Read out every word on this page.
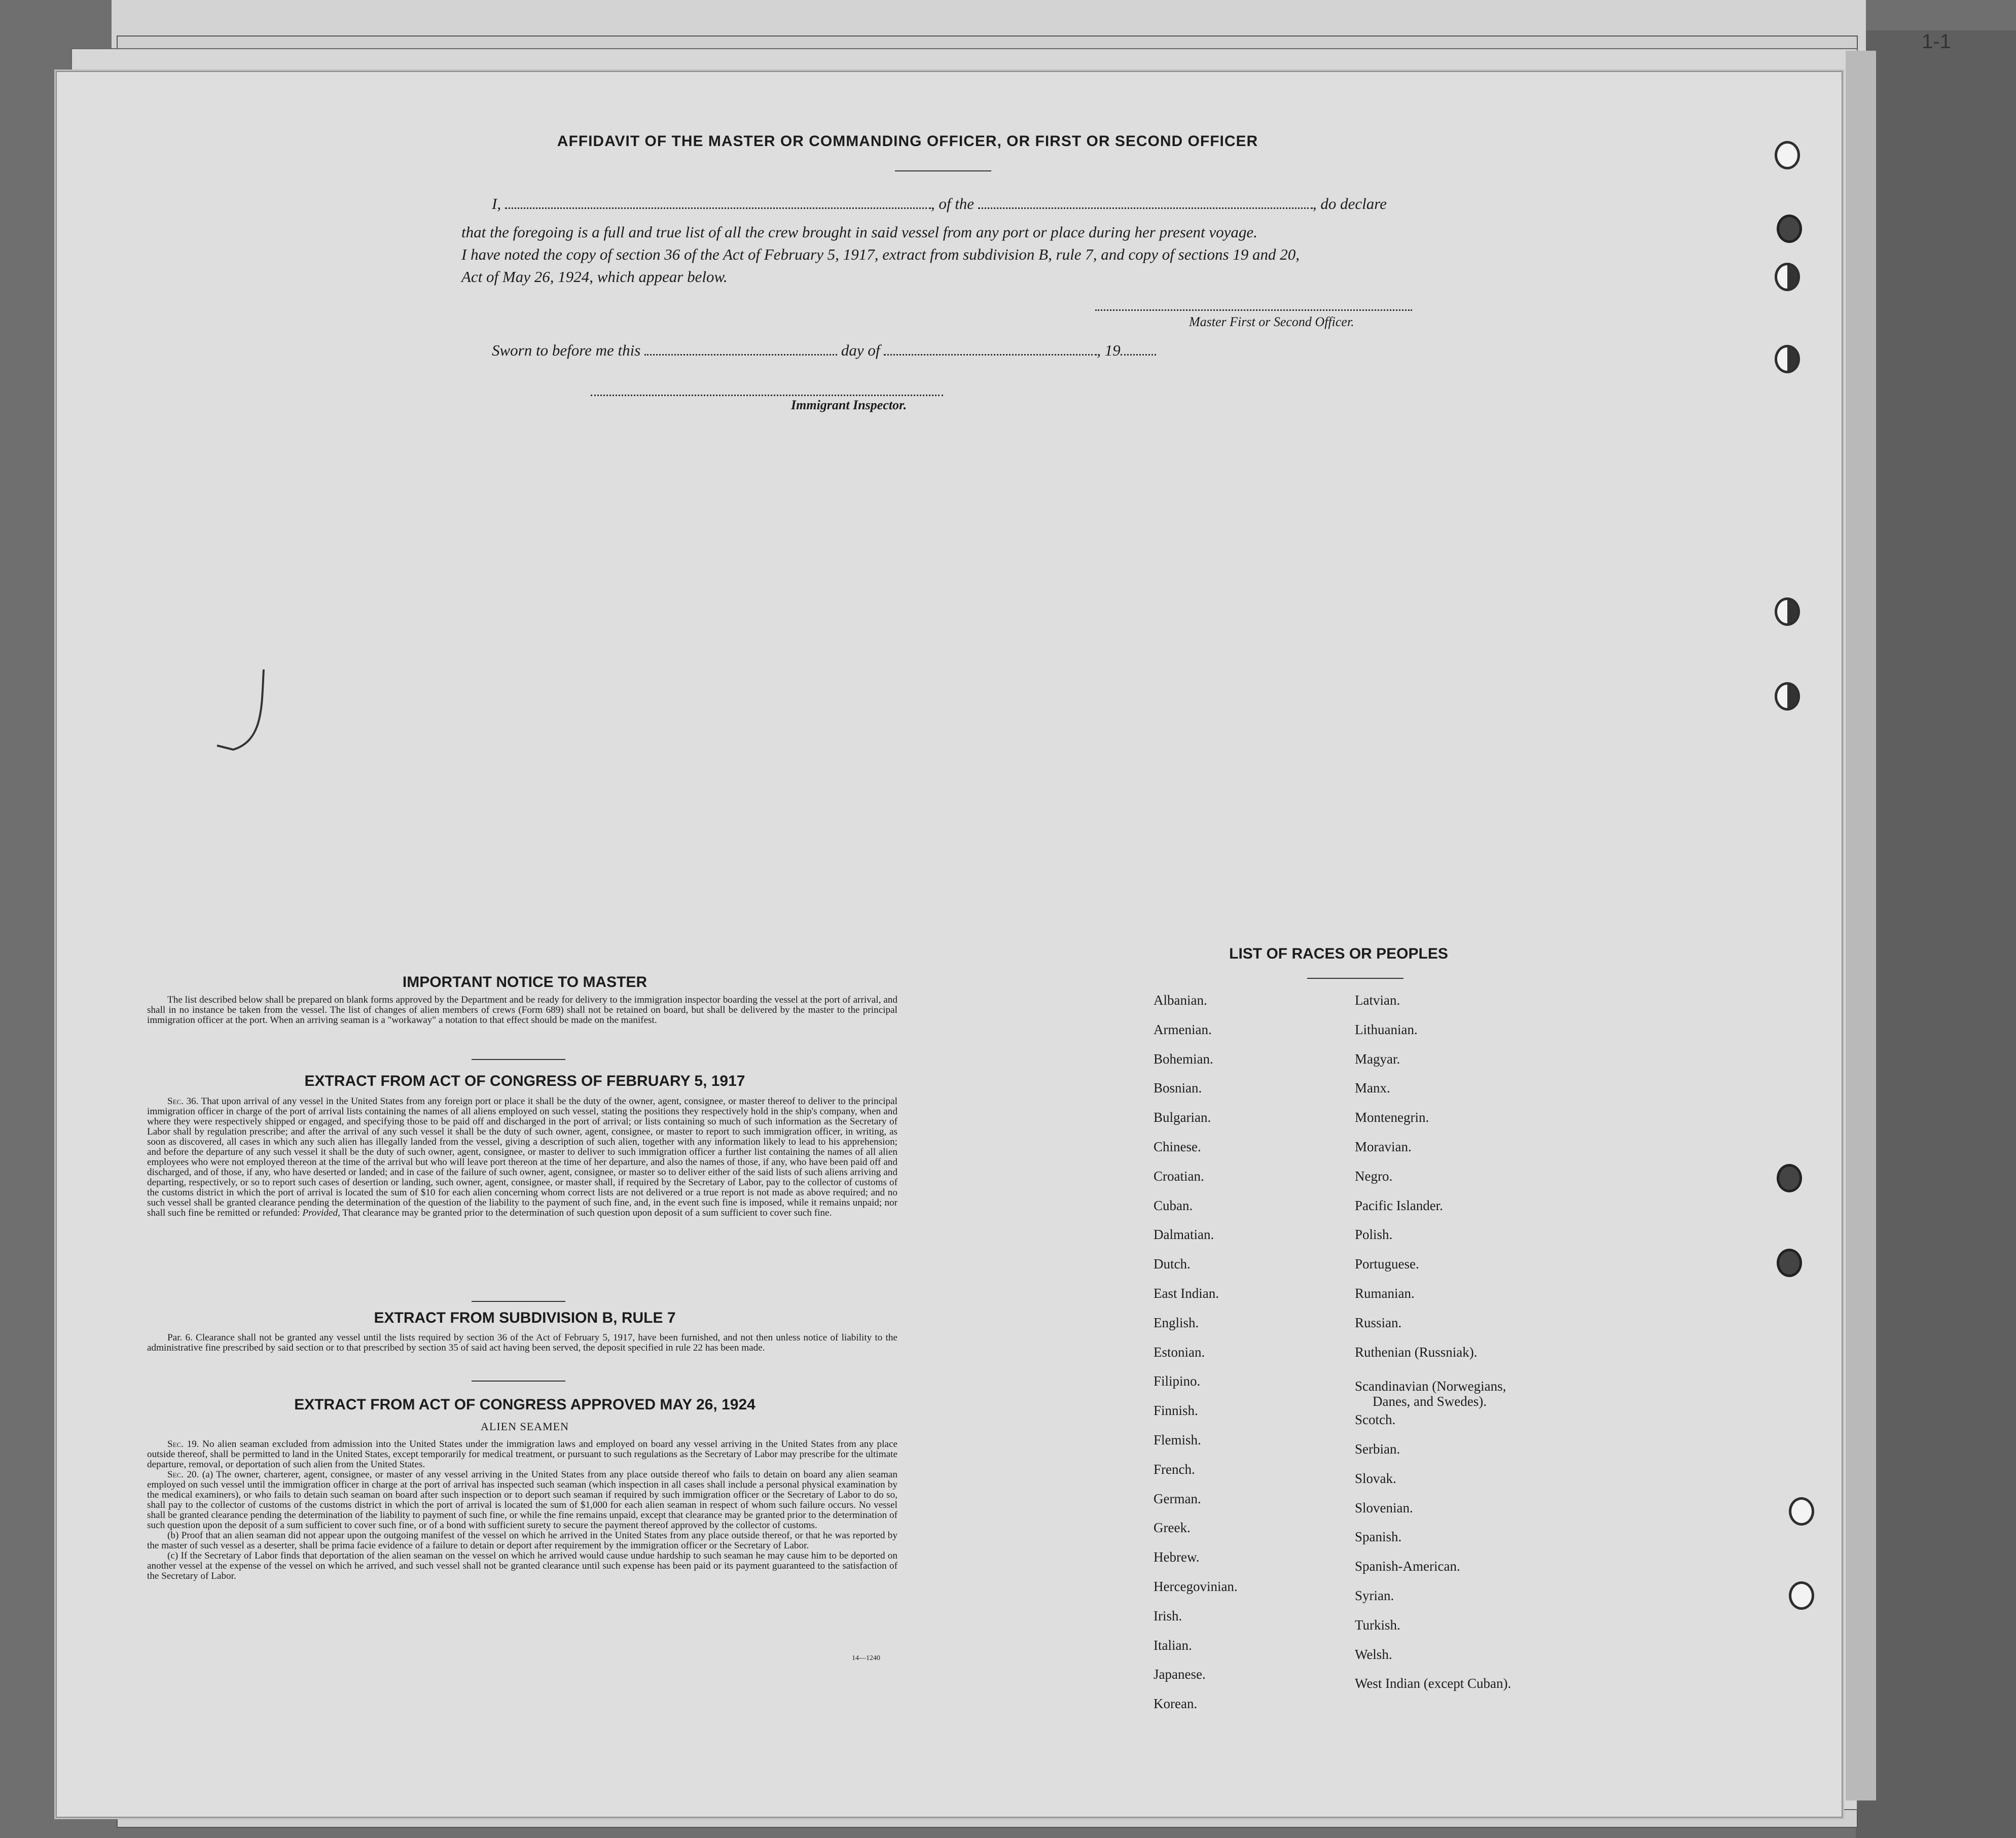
1-1
AFFIDAVIT OF THE MASTER OR COMMANDING OFFICER, OR FIRST OR SECOND OFFICER
I,	, of the	, do declare
that the foregoing is a full and true list of all the crew brought in said vessel from any port or place during her present voyage.
I have noted the copy of section 36 of the Act of February 5, 1917, extract from subdivision B, rule 7, and copy of sections 19 and 20,
Act of May 26, 1924, which appear below.
Master First or Second Officer.
Sworn to before me this	day of	, 19
Immigrant Inspector.
IMPORTANT NOTICE TO MASTER

The list described below shall be prepared on blank forms approved by the Department and be ready for delivery to the immigration inspector boarding the vessel at the port of arrival, and shall in no instance be taken from the vessel. The list of changes of alien members of crews (Form 689) shall not be retained on board, but shall be delivered by the master to the principal immigration officer at the port. When an arriving seaman is a "workaway" a notation to that effect should be made on the manifest.

EXTRACT FROM ACT OF CONGRESS OF FEBRUARY 5, 1917

Sec. 36. That upon arrival of any vessel in the United States from any foreign port or place it shall be the duty of the owner, agent, consignee, or master thereof to deliver to the principal immigration officer in charge of the port of arrival lists containing the names of all aliens employed on such vessel, stating the positions they respectively hold in the ship's company, when and where they were respectively shipped or engaged, and specifying those to be paid off and discharged in the port of arrival; or lists containing so much of such information as the Secretary of Labor shall by regulation prescribe; and after the arrival of any such vessel it shall be the duty of such owner, agent, consignee, or master to report to such immigration officer, in writing, as soon as discovered, all cases in which any such alien has illegally landed from the vessel, giving a description of such alien, together with any information likely to lead to his apprehension; and before the departure of any such vessel it shall be the duty of such owner, agent, consignee, or master to deliver to such immigration officer a further list containing the names of all alien employees who were not employed thereon at the time of the arrival but who will leave port thereon at the time of her departure, and also the names of those, if any, who have been paid off and discharged, and of those, if any, who have deserted or landed; and in case of the failure of such owner, agent, consignee, or master so to deliver either of the said lists of such aliens arriving and departing, respectively, or so to report such cases of desertion or landing, such owner, agent, consignee, or master shall, if required by the Secretary of Labor, pay to the collector of customs of the customs district in which the port of arrival is located the sum of $10 for each alien concerning whom correct lists are not delivered or a true report is not made as above required; and no such vessel shall be granted clearance pending the determination of the question of the liability to the payment of such fine, and, in the event such fine is imposed, while it remains unpaid; nor shall such fine be remitted or refunded: Provided, That clearance may be granted prior to the determination of such question upon deposit of a sum sufficient to cover such fine.

EXTRACT FROM SUBDIVISION B, RULE 7

Par. 6. Clearance shall not be granted any vessel until the lists required by section 36 of the Act of February 5, 1917, have been furnished, and not then unless notice of liability to the administrative fine prescribed by said section or to that prescribed by section 35 of said act having been served, the deposit specified in rule 22 has been made.

EXTRACT FROM ACT OF CONGRESS APPROVED MAY 26, 1924
ALIEN SEAMEN

Sec. 19. No alien seaman excluded from admission into the United States under the immigration laws and employed on board any vessel arriving in the United States from any place outside thereof, shall be permitted to land in the United States, except temporarily for medical treatment, or pursuant to such regulations as the Secretary of Labor may prescribe for the ultimate departure, removal, or deportation of such alien from the United States.

Sec. 20. (a) The owner, charterer, agent, consignee, or master of any vessel arriving in the United States from any place outside thereof who fails to detain on board any alien seaman employed on such vessel until the immigration officer in charge at the port of arrival has inspected such seaman (which inspection in all cases shall include a personal physical examination by the medical examiners), or who fails to detain such seaman on board after such inspection or to deport such seaman if required by such immigration officer or the Secretary of Labor to do so, shall pay to the collector of customs of the customs district in which the port of arrival is located the sum of $1,000 for each alien seaman in respect of whom such failure occurs. No vessel shall be granted clearance pending the determination of the liability to payment of such fine, or while the fine remains unpaid, except that clearance may be granted prior to the determination of such question upon the deposit of a sum sufficient to cover such fine, or of a bond with sufficient surety to secure the payment thereof approved by the collector of customs.

(b) Proof that an alien seaman did not appear upon the outgoing manifest of the vessel on which he arrived in the United States from any place outside thereof, or that he was reported by the master of such vessel as a deserter, shall be prima facie evidence of a failure to detain or deport after requirement by the immigration officer or the Secretary of Labor.

(c) If the Secretary of Labor finds that deportation of the alien seaman on the vessel on which he arrived would cause undue hardship to such seaman he may cause him to be deported on another vessel at the expense of the vessel on which he arrived, and such vessel shall not be granted clearance until such expense has been paid or its payment guaranteed to the satisfaction of the Secretary of Labor.

14—1240
LIST OF RACES OR PEOPLES
Albanian.
Armenian.
Bohemian.
Bosnian.
Bulgarian.
Chinese.
Croatian.
Cuban.
Dalmatian.
Dutch.
East Indian.
English.
Estonian.
Filipino.
Finnish.
Flemish.
French.
German.
Greek.
Hebrew.
Hercegovinian.
Irish.
Italian.
Japanese.
Korean.
Latvian.
Lithuanian.
Magyar.
Manx.
Montenegrin.
Moravian.
Negro.
Pacific Islander.
Polish.
Portuguese.
Rumanian.
Russian.
Ruthenian (Russniak).
Scandinavian (Norwegians,
Danes, and Swedes).
Scotch.
Serbian.
Slovak.
Slovenian.
Spanish.
Spanish-American.
Syrian.
Turkish.
Welsh.
West Indian (except Cuban).
